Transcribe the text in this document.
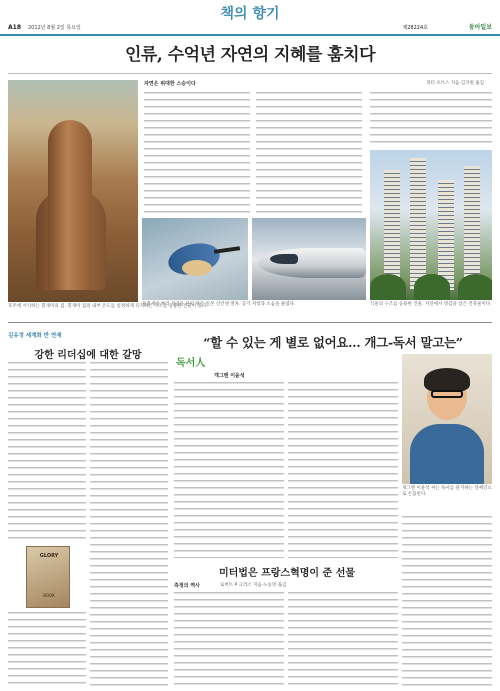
A18 2012년 8월 2일 목요일
책의 향기
제28224호	동아일보
인류, 수억년 자연의 지혜를 훔치다
호주에 서식하는 흰개미의 집. 흰개미 집의 내부 온도를 일정하게 유지하는 구조를 응용한 건물이 있다.
자연은 위대한 스승이다	피터 포브스 지음·김지원 옮김
식물의 구조를 응용한 건물. 자연에서 영감을 얻은 건축물이다.
물총새의 부리 모양을 본떠 만든 일본 신칸센 열차. 공기 저항과 소음을 줄였다.
김유정 세계화 반 연재
강한 리더십에 대한 갈망
GLORY
BOOK
“할 수 있는 게 별로 없어요… 개그-독서 말고는”
독서人
개그맨 이윤석
개그맨 이윤석 씨는 독서를 즐겨하는 연예인으로 손꼽힌다.
미터법은 프랑스혁명이 준 선물
측정의 역사	로버트 P 크리스 지음·노승영 옮김
